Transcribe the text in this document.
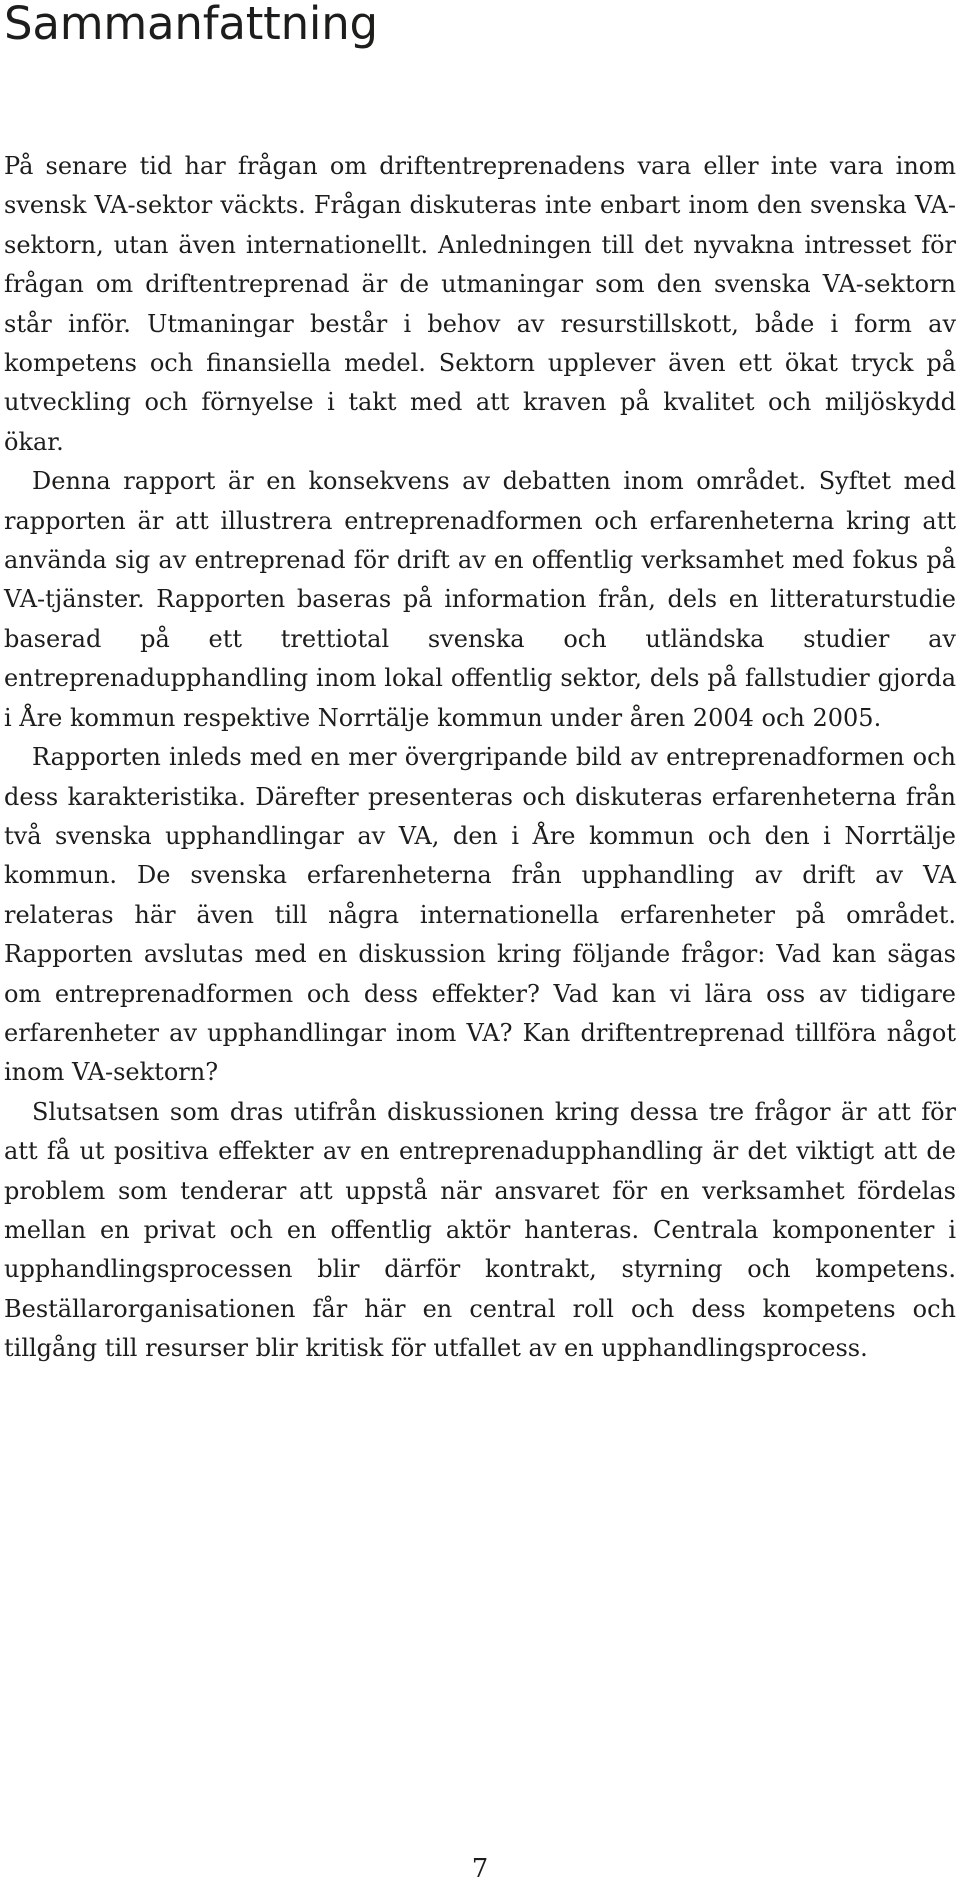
Sammanfattning

På senare tid har frågan om driftentreprenadens vara eller inte vara inom svensk VA-sektor väckts. Frågan diskuteras inte enbart inom den svenska VA-sektorn, utan även internationellt. Anledningen till det nyvakna intresset för frågan om driftentreprenad är de utmaningar som den svenska VA-sektorn står inför. Utmaningar består i behov av resurstillskott, både i form av kompetens och finansiella medel. Sektorn upplever även ett ökat tryck på utveckling och förnyelse i takt med att kraven på kvalitet och miljöskydd ökar.

Denna rapport är en konsekvens av debatten inom området. Syftet med rapporten är att illustrera entreprenadformen och erfarenheterna kring att använda sig av entreprenad för drift av en offentlig verksamhet med fokus på VA-tjänster. Rapporten baseras på information från, dels en litteraturstudie baserad på ett trettiotal svenska och utländska studier av entreprenadupphandling inom lokal offentlig sektor, dels på fallstudier gjorda i Åre kommun respektive Norrtälje kommun under åren 2004 och 2005.

Rapporten inleds med en mer övergripande bild av entreprenadformen och dess karakteristika. Därefter presenteras och diskuteras erfarenheterna från två svenska upphandlingar av VA, den i Åre kommun och den i Norrtälje kommun. De svenska erfarenheterna från upphandling av drift av VA relateras här även till några internationella erfarenheter på området. Rapporten avslutas med en diskussion kring följande frågor: Vad kan sägas om entreprenadformen och dess effekter? Vad kan vi lära oss av tidigare erfarenheter av upphandlingar inom VA? Kan driftentreprenad tillföra något inom VA-sektorn?

Slutsatsen som dras utifrån diskussionen kring dessa tre frågor är att för att få ut positiva effekter av en entreprenadupphandling är det viktigt att de problem som tenderar att uppstå när ansvaret för en verksamhet fördelas mellan en privat och en offentlig aktör hanteras. Centrala komponenter i upphandlingsprocessen blir därför kontrakt, styrning och kompetens. Beställarorganisationen får här en central roll och dess kompetens och tillgång till resurser blir kritisk för utfallet av en upphandlingsprocess.

7
